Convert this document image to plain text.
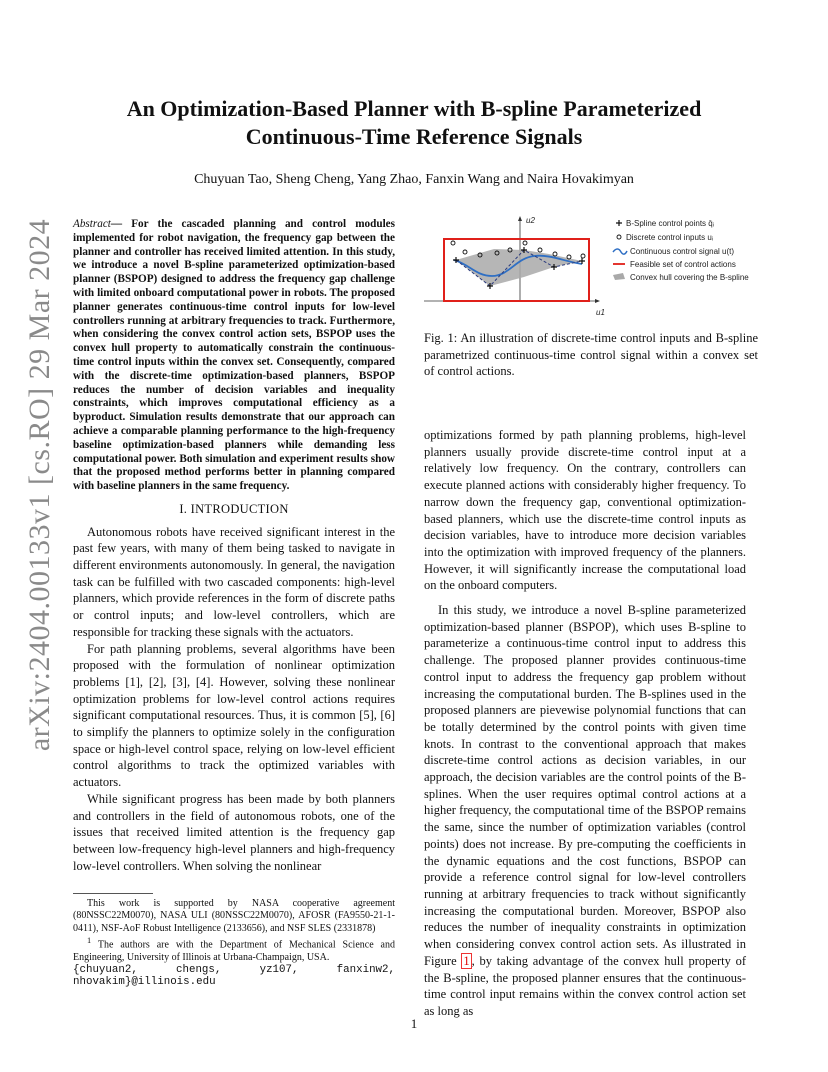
arXiv:2404.00133v1 [cs.RO] 29 Mar 2024
An Optimization-Based Planner with B-spline Parameterized
Continuous-Time Reference Signals
Chuyuan Tao, Sheng Cheng, Yang Zhao, Fanxin Wang and Naira Hovakimyan
Abstract— For the cascaded planning and control modules implemented for robot navigation, the frequency gap between the planner and controller has received limited attention. In this study, we introduce a novel B-spline parameterized optimization-based planner (BSPOP) designed to address the frequency gap challenge with limited onboard computational power in robots. The proposed planner generates continuous-time control inputs for low-level controllers running at arbitrary frequencies to track. Furthermore, when considering the convex control action sets, BSPOP uses the convex hull property to automatically constrain the continuous-time control inputs within the convex set. Consequently, compared with the discrete-time optimization-based planners, BSPOP reduces the number of decision variables and inequality constraints, which improves computational efficiency as a byproduct. Simulation results demonstrate that our approach can achieve a comparable planning performance to the high-frequency baseline optimization-based planners while demanding less computational power. Both simulation and experiment results show that the proposed method performs better in planning compared with baseline planners in the same frequency.
I. INTRODUCTION

Autonomous robots have received significant interest in the past few years, with many of them being tasked to navigate in different environments autonomously. In general, the navigation task can be fulfilled with two cascaded components: high-level planners, which provide references in the form of discrete paths or control inputs; and low-level controllers, which are responsible for tracking these signals with the actuators.

For path planning problems, several algorithms have been proposed with the formulation of nonlinear optimization problems [1], [2], [3], [4]. However, solving these nonlinear optimization problems for low-level control actions requires significant computational resources. Thus, it is common [5], [6] to simplify the planners to optimize solely in the configuration space or high-level control space, relying on low-level efficient control algorithms to track the optimized variables with actuators.

While significant progress has been made by both planners and controllers in the field of autonomous robots, one of the issues that received limited attention is the frequency gap between low-frequency high-level planners and high-frequency low-level controllers. When solving the nonlinear

This work is supported by NASA cooperative agreement (80NSSC22M0070), NASA ULI (80NSSC22M0070), AFOSR (FA9550-21-1-0411), NSF-AoF Robust Intelligence (2133656), and NSF SLES (2331878)

$^1$ The authors are with the Department of Mechanical Science and Engineering, University of Illinois at Urbana-Champaign, USA.

{chuyuan2, chengs, yz107, fanxinw2, nhovakim}@illinois.edu

u2
u1
B-Spline control points q̄ᵢ
Discrete control inputs uᵢ
Continuous control signal u(t)
Feasible set of control actions
Convex hull covering the B-spline
Fig. 1: An illustration of discrete-time control inputs and B-spline parametrized continuous-time control signal within a convex set of control actions.

optimizations formed by path planning problems, high-level planners usually provide discrete-time control input at a relatively low frequency. On the contrary, controllers can execute planned actions with considerably higher frequency. To narrow down the frequency gap, conventional optimization-based planners, which use the discrete-time control inputs as decision variables, have to introduce more decision variables into the optimization with improved frequency of the planners. However, it will significantly increase the computational load on the onboard computers.

In this study, we introduce a novel B-spline parameterized optimization-based planner (BSPOP), which uses B-spline to parameterize a continuous-time control input to address this challenge. The proposed planner provides continuous-time control input to address the frequency gap problem without increasing the computational burden. The B-splines used in the proposed planners are pievewise polynomial functions that can be totally determined by the control points with given time knots. In contrast to the conventional approach that makes discrete-time control actions as decision variables, in our approach, the decision variables are the control points of the B-splines. When the user requires optimal control actions at a higher frequency, the computational time of the BSPOP remains the same, since the number of optimization variables (control points) does not increase. By pre-computing the coefficients in the dynamic equations and the cost functions, BSPOP can provide a reference control signal for low-level controllers running at arbitrary frequencies to track without significantly increasing the computational burden. Moreover, BSPOP also reduces the number of inequality constraints in optimization when considering convex control action sets. As illustrated in Figure 1 , by taking advantage of the convex hull property of the B-spline, the proposed planner ensures that the continuous-time control input remains within the convex control action set as long as

1
